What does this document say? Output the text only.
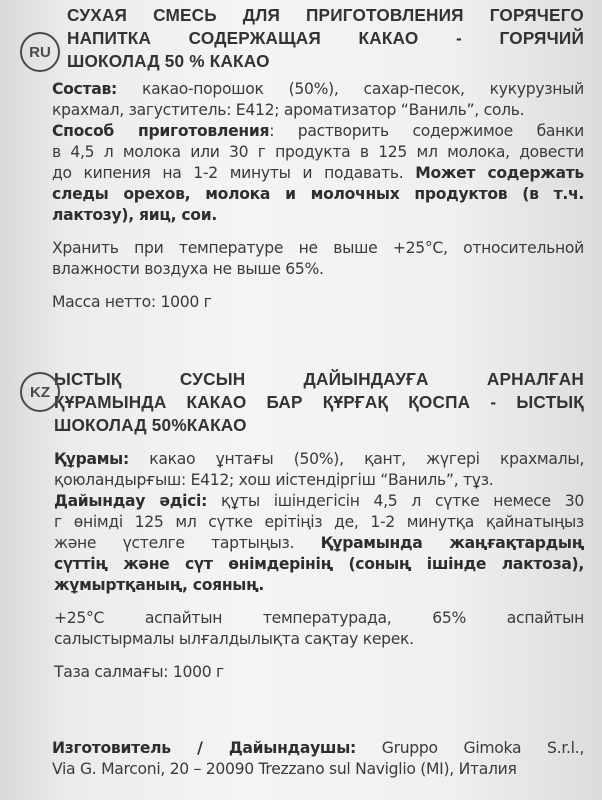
RU
СУХАЯ СМЕСЬ ДЛЯ ПРИГОТОВЛЕНИЯ ГОРЯЧЕГО
НАПИТКА СОДЕРЖАЩАЯ КАКАО - ГОРЯЧИЙ
ШОКОЛАД 50 % КАКАО
Состав: какао-порошок (50%), сахар-песок, кукурузный
крахмал, загуститель: Е412; ароматизатор “Ваниль”, соль.
Способ приготовления: растворить содержимое банки
в 4,5 л молока или 30 г продукта в 125 мл молока, довести
до кипения на 1-2 минуты и подавать. Может содержать
следы орехов, молока и молочных продуктов (в т.ч.
лактозу), яиц, сои.
Хранить при температуре не выше +25°С, относительной
влажности воздуха не выше 65%.
Масса нетто: 1000 г
KZ
ЫСТЫҚ СУСЫН ДАЙЫНДАУҒА АРНАЛҒАН
ҚҰРАМЫНДА КАКАО БАР ҚҰРҒАҚ ҚОСПА - ЫСТЫҚ
ШОКОЛАД 50%КАКАО
Құрамы: какао ұнтағы (50%), қант, жүгері крахмалы,
қоюландырғыш: Е412; хош иістендіргіш “Ваниль”, тұз.
Дайындау әдісі: құты ішіндегісін 4,5 л сүтке немесе 30
г өнімді 125 мл сүтке ерітіңіз де, 1-2 минутқа қайнатыңыз
және үстелге тартыңыз. Құрамында жаңғақтардың
сүттің және сүт өнімдерінің (соның ішінде лактоза),
жұмыртқаның, сояның.
+25°С аспайтын температурада, 65% аспайтын
салыстырмалы ылғалдылықта сақтау керек.
Таза салмағы: 1000 г
Изготовитель / Дайындаушы: Gruppo Gimoka S.r.l.,
Via G. Marconi, 20 – 20090 Trezzano sul Naviglio (MI), Италия
